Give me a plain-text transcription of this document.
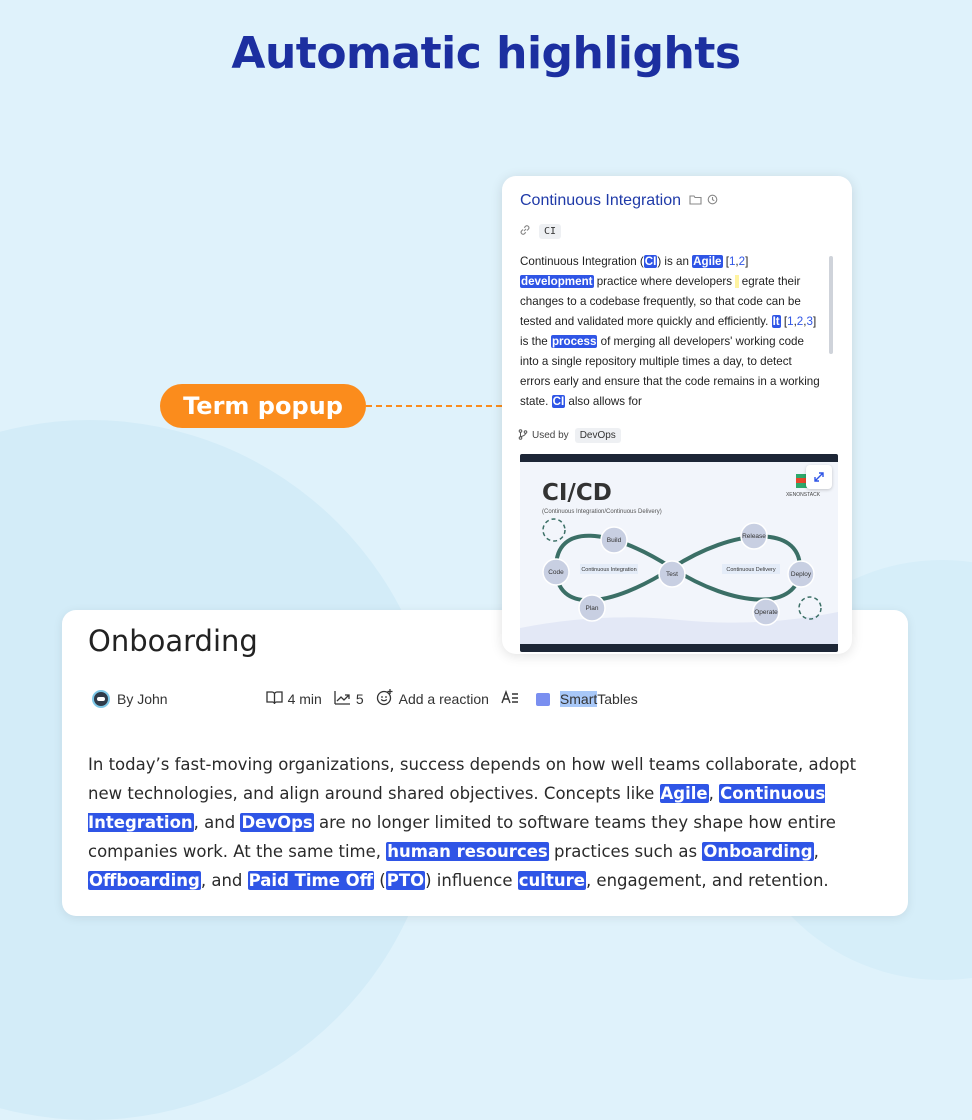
Automatic highlights
Term popup
Onboarding
By John	4 min 5	Add a reaction	Smart Tables
In today’s fast-moving organizations, success depends on how well teams collaborate, adopt new technologies, and align around shared objectives. Concepts like Agile, Continuous Integration, and DevOps are no longer limited to software teams they shape how entire companies work. At the same time, human resources practices such as Onboarding, Offboarding, and Paid Time Off (PTO) influence culture, engagement, and retention.
Continuous Integration
CI
Continuous Integration (CI) is an Agile [1,2] development practice where developers   egrate their changes to a codebase frequently, so that code can be tested and validated more quickly and efficiently. It [1,2,3] is the process of merging all developers' working code into a single repository multiple times a day, to detect errors early and ensure that the code remains in a working state. CI also allows for
Used by	DevOps
CI/CD
(Continuous Integration/Continuous Delivery)
XENONSTACK
Continuous Integration	Continuous Delivery
Build
Code
Plan
Test
Release
Deploy
Operate
